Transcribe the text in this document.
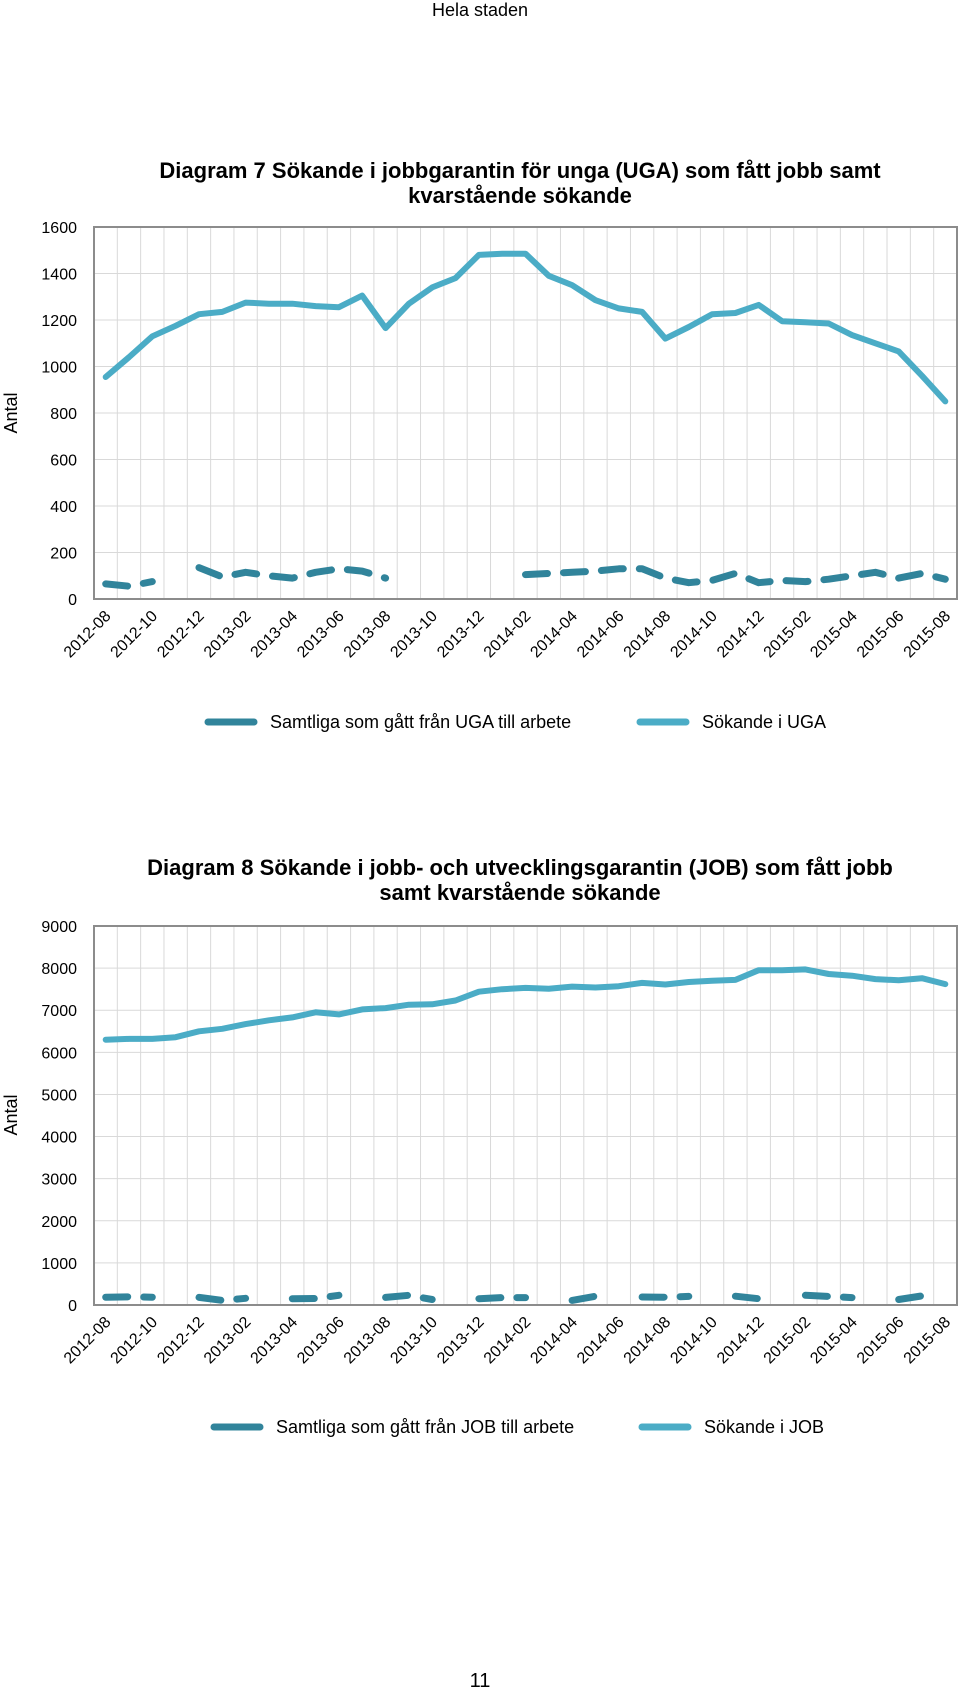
Hela staden
Diagram 7 Sökande i jobbgarantin för unga (UGA) som fått jobb samt
kvarstående sökande
0
200
400
600
800
1000
1200
1400
1600
Antal
2012-08
2012-10
2012-12
2013-02
2013-04
2013-06
2013-08
2013-10
2013-12
2014-02
2014-04
2014-06
2014-08
2014-10
2014-12
2015-02
2015-04
2015-06
2015-08
Samtliga som gått från UGA till arbete	Sökande i UGA
Diagram 8 Sökande i jobb- och utvecklingsgarantin (JOB) som fått jobb
samt kvarstående sökande
0
1000
2000
3000
4000
5000
6000
7000
8000
9000
Antal
2012-08
2012-10
2012-12
2013-02
2013-04
2013-06
2013-08
2013-10
2013-12
2014-02
2014-04
2014-06
2014-08
2014-10
2014-12
2015-02
2015-04
2015-06
2015-08
Samtliga som gått från JOB till arbete	Sökande i JOB
11
